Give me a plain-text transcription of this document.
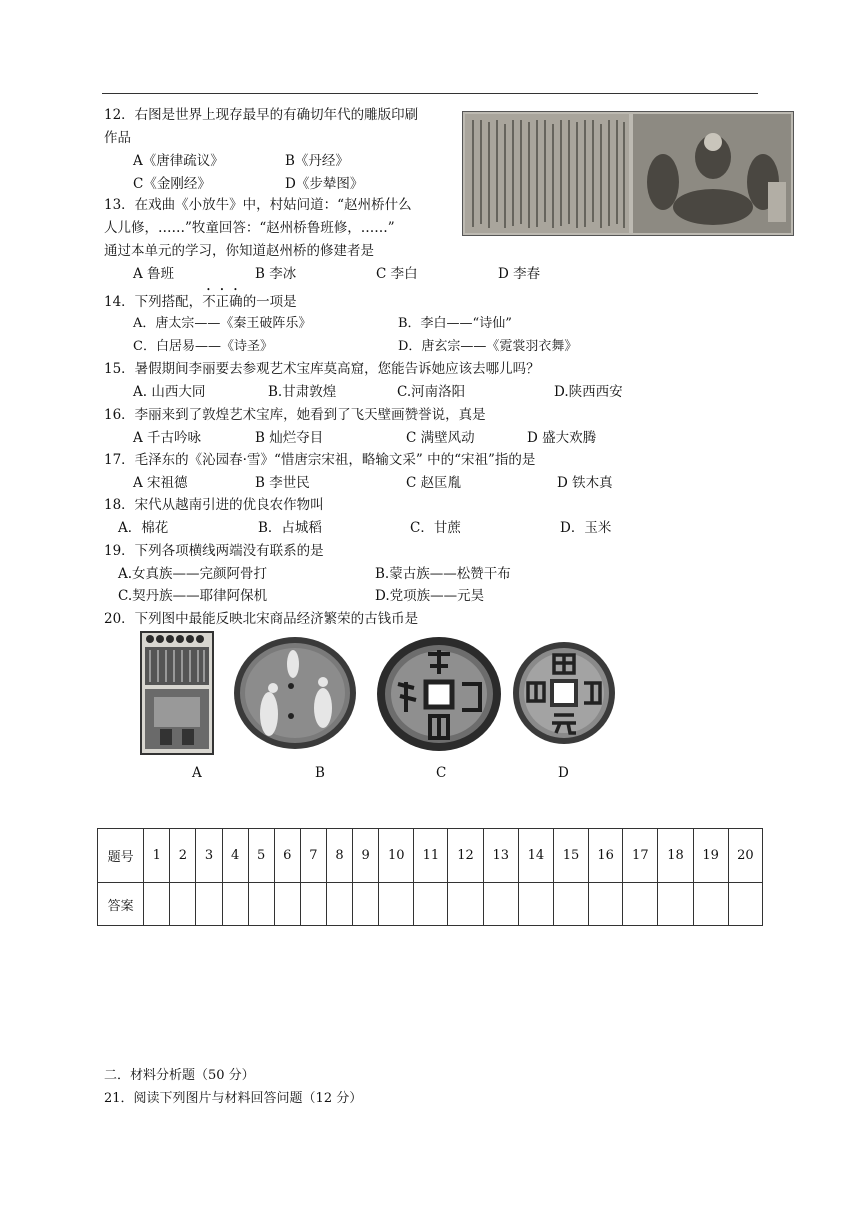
12．右图是世界上现存最早的有确切年代的雕版印刷
作品
A《唐律疏议》	B《丹经》
C《金刚经》	D《步辇图》
13．在戏曲《小放牛》中，村姑问道：“赵州桥什么
人儿修，……”牧童回答：“赵州桥鲁班修，……”
通过本单元的学习，你知道赵州桥的修建者是
A 鲁班	B 李冰	C 李白	D 李春
14．下列搭配，不正确的一项是
A．唐太宗——《秦王破阵乐》	B．李白——“诗仙”
C．白居易——《诗圣》	D．唐玄宗——《霓裳羽衣舞》
15．暑假期间李丽要去参观艺术宝库莫高窟，您能告诉她应该去哪儿吗？
A. 山西大同	B.甘肃敦煌	C.河南洛阳	D.陕西西安
16．李丽来到了敦煌艺术宝库，她看到了飞天壁画赞誉说，真是
A 千古吟咏	B 灿烂夺目	C 满壁风动	D 盛大欢腾
17．毛泽东的《沁园春·雪》“惜唐宗宋祖，略输文采” 中的“宋祖”指的是
A 宋祖德	B 李世民	C 赵匡胤	D 铁木真
18．宋代从越南引进的优良农作物叫
A．棉花	B．占城稻	C．甘蔗	D．玉米
19．下列各项横线两端没有联系的是
A.女真族——完颜阿骨打	B.蒙古族——松赞干布
C.契丹族——耶律阿保机	D.党项族——元昊
20．下列图中最能反映北宋商品经济繁荣的古钱币是
A	B	C	D
题号	1	2	3	4	5	6	7	8	9	10	11	12	13	14	15	16	17	18	19	20
答案																				
二．材料分析题（50 分）
21．阅读下列图片与材料回答问题（12 分）
